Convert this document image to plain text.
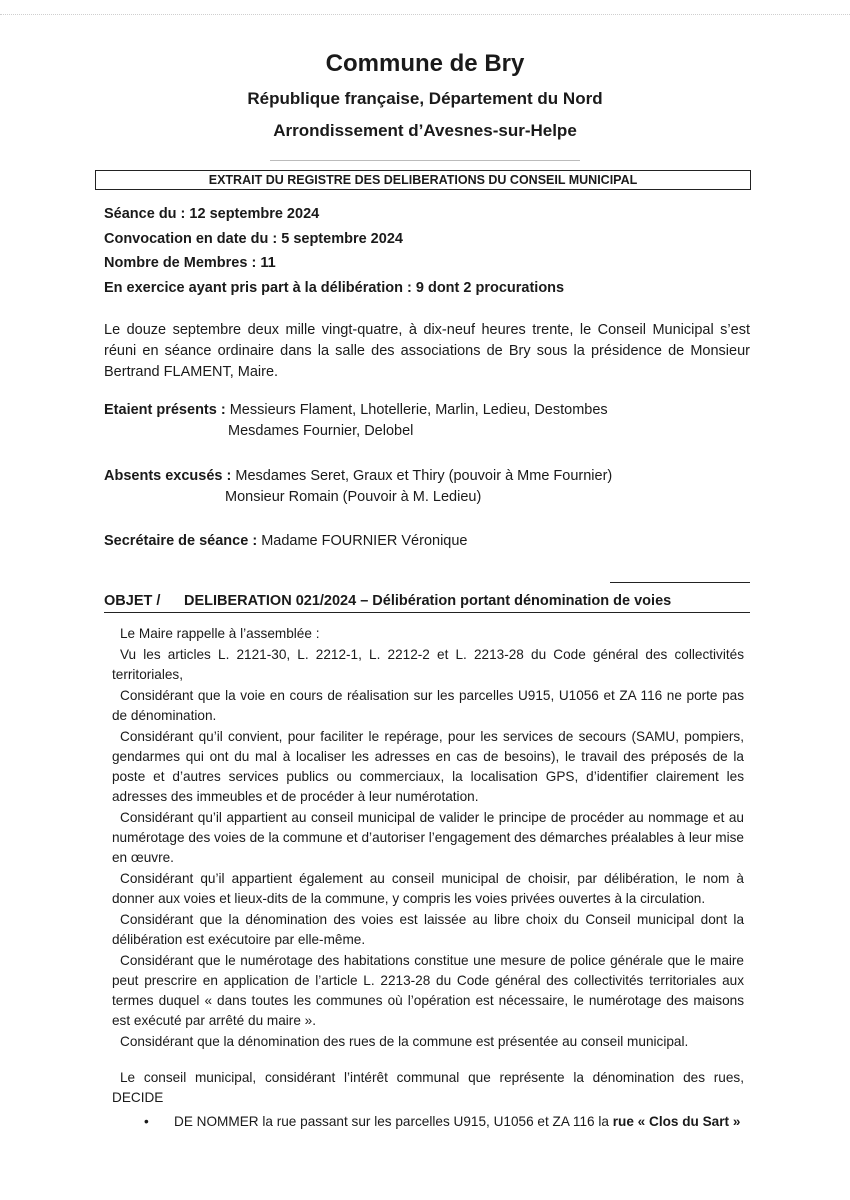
Commune de Bry
République française, Département du Nord
Arrondissement d’Avesnes-sur-Helpe
EXTRAIT DU REGISTRE DES DELIBERATIONS DU CONSEIL MUNICIPAL
Séance du : 12 septembre 2024
Convocation en date du : 5 septembre 2024
Nombre de Membres : 11
En exercice ayant pris part à la délibération : 9 dont 2 procurations
Le douze septembre deux mille vingt-quatre, à dix-neuf heures trente, le Conseil Municipal s’est réuni en séance ordinaire dans la salle des associations de Bry sous la présidence de Monsieur Bertrand FLAMENT, Maire.
Etaient présents : Messieurs Flament, Lhotellerie, Marlin, Ledieu, Destombes
Mesdames Fournier, Delobel
Absents excusés : Mesdames Seret, Graux et Thiry (pouvoir à Mme Fournier)
Monsieur Romain (Pouvoir à M. Ledieu)
Secrétaire de séance : Madame FOURNIER Véronique
OBJET / DELIBERATION 021/2024 – Délibération portant dénomination de voies

Le Maire rappelle à l’assemblée :

Vu les articles L. 2121-30, L. 2212-1, L. 2212-2 et L. 2213-28 du Code général des collectivités territoriales,

Considérant que la voie en cours de réalisation sur les parcelles U915, U1056 et ZA 116 ne porte pas de dénomination.

Considérant qu’il convient, pour faciliter le repérage, pour les services de secours (SAMU, pompiers, gendarmes qui ont du mal à localiser les adresses en cas de besoins), le travail des préposés de la poste et d’autres services publics ou commerciaux, la localisation GPS, d’identifier clairement les adresses des immeubles et de procéder à leur numérotation.

Considérant qu’il appartient au conseil municipal de valider le principe de procéder au nommage et au numérotage des voies de la commune et d’autoriser l’engagement des démarches préalables à leur mise en œuvre.

Considérant qu’il appartient également au conseil municipal de choisir, par délibération, le nom à donner aux voies et lieux-dits de la commune, y compris les voies privées ouvertes à la circulation.

Considérant que la dénomination des voies est laissée au libre choix du Conseil municipal dont la délibération est exécutoire par elle-même.

Considérant que le numérotage des habitations constitue une mesure de police générale que le maire peut prescrire en application de l’article L. 2213-28 du Code général des collectivités territoriales aux termes duquel « dans toutes les communes où l’opération est nécessaire, le numérotage des maisons est exécuté par arrêté du maire ».

Considérant que la dénomination des rues de la commune est présentée au conseil municipal.

Le conseil municipal, considérant l’intérêt communal que représente la dénomination des rues, DECIDE

• DE NOMMER la rue passant sur les parcelles U915, U1056 et ZA 116 la rue « Clos du Sart »
